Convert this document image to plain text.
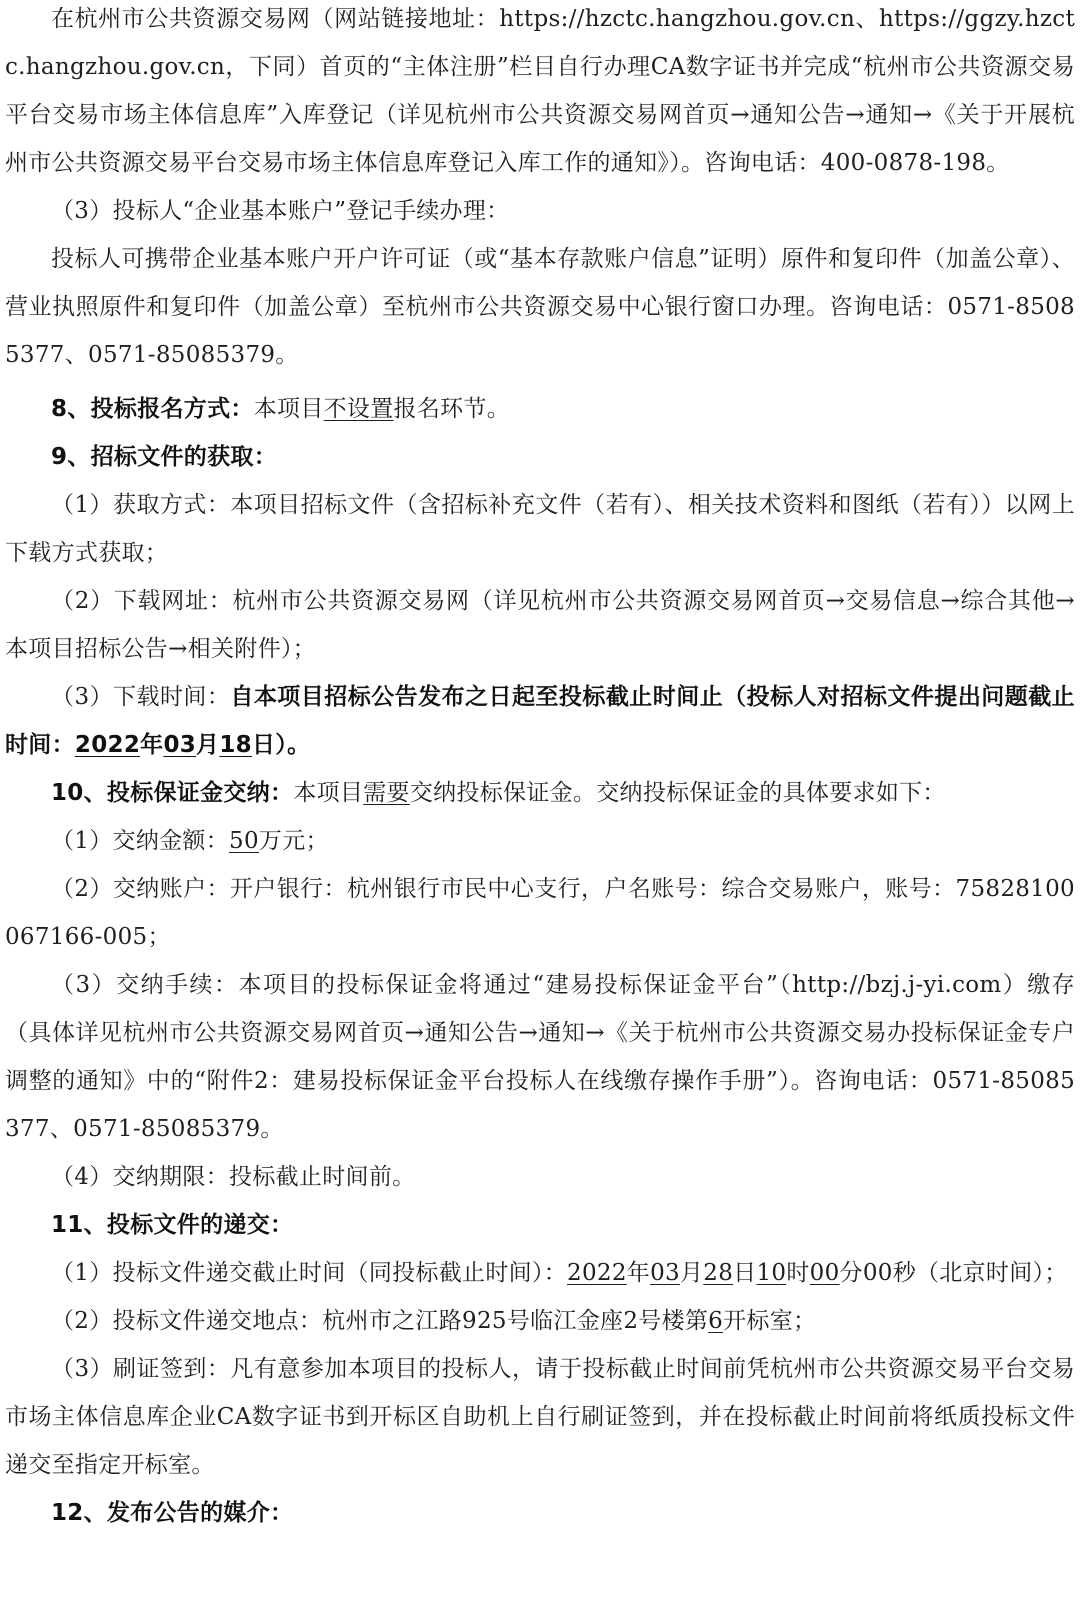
在杭州市公共资源交易网（网站链接地址：https://hzctc.hangzhou.gov.cn、https://ggzy.hzctc.hangzhou.gov.cn，下同）首页的“主体注册”栏目自行办理CA数字证书并完成“杭州市公共资源交易平台交易市场主体信息库”入库登记（详见杭州市公共资源交易网首页→通知公告→通知→《关于开展杭州市公共资源交易平台交易市场主体信息库登记入库工作的通知》）。咨询电话：400-0878-198。

（3）投标人“企业基本账户”登记手续办理：

投标人可携带企业基本账户开户许可证（或“基本存款账户信息”证明）原件和复印件（加盖公章）、营业执照原件和复印件（加盖公章）至杭州市公共资源交易中心银行窗口办理。咨询电话：0571-85085377、0571-85085379。

8、投标报名方式：本项目不设置报名环节。

9、招标文件的获取：

（1）获取方式：本项目招标文件（含招标补充文件（若有）、相关技术资料和图纸（若有））以网上下载方式获取；

（2）下载网址：杭州市公共资源交易网（详见杭州市公共资源交易网首页→交易信息→综合其他→本项目招标公告→相关附件）；

（3）下载时间：自本项目招标公告发布之日起至投标截止时间止（投标人对招标文件提出问题截止时间：2022年03月18日）。

10、投标保证金交纳：本项目需要交纳投标保证金。交纳投标保证金的具体要求如下：

（1）交纳金额：50万元；

（2）交纳账户：开户银行：杭州银行市民中心支行，户名账号：综合交易账户，账号：75828100067166-005；

（3）交纳手续：本项目的投标保证金将通过“建易投标保证金平台”（http://bzj.j-yi.com）缴存（具体详见杭州市公共资源交易网首页→通知公告→通知→《关于杭州市公共资源交易办投标保证金专户调整的通知》中的“附件2：建易投标保证金平台投标人在线缴存操作手册”）。咨询电话：0571-85085377、0571-85085379。

（4）交纳期限：投标截止时间前。

11、投标文件的递交：

（1）投标文件递交截止时间（同投标截止时间）：2022年03月28日10时00分00秒（北京时间）；

（2）投标文件递交地点：杭州市之江路925号临江金座2号楼第6开标室；

（3）刷证签到：凡有意参加本项目的投标人，请于投标截止时间前凭杭州市公共资源交易平台交易市场主体信息库企业CA数字证书到开标区自助机上自行刷证签到，并在投标截止时间前将纸质投标文件递交至指定开标室。

12、发布公告的媒介：
